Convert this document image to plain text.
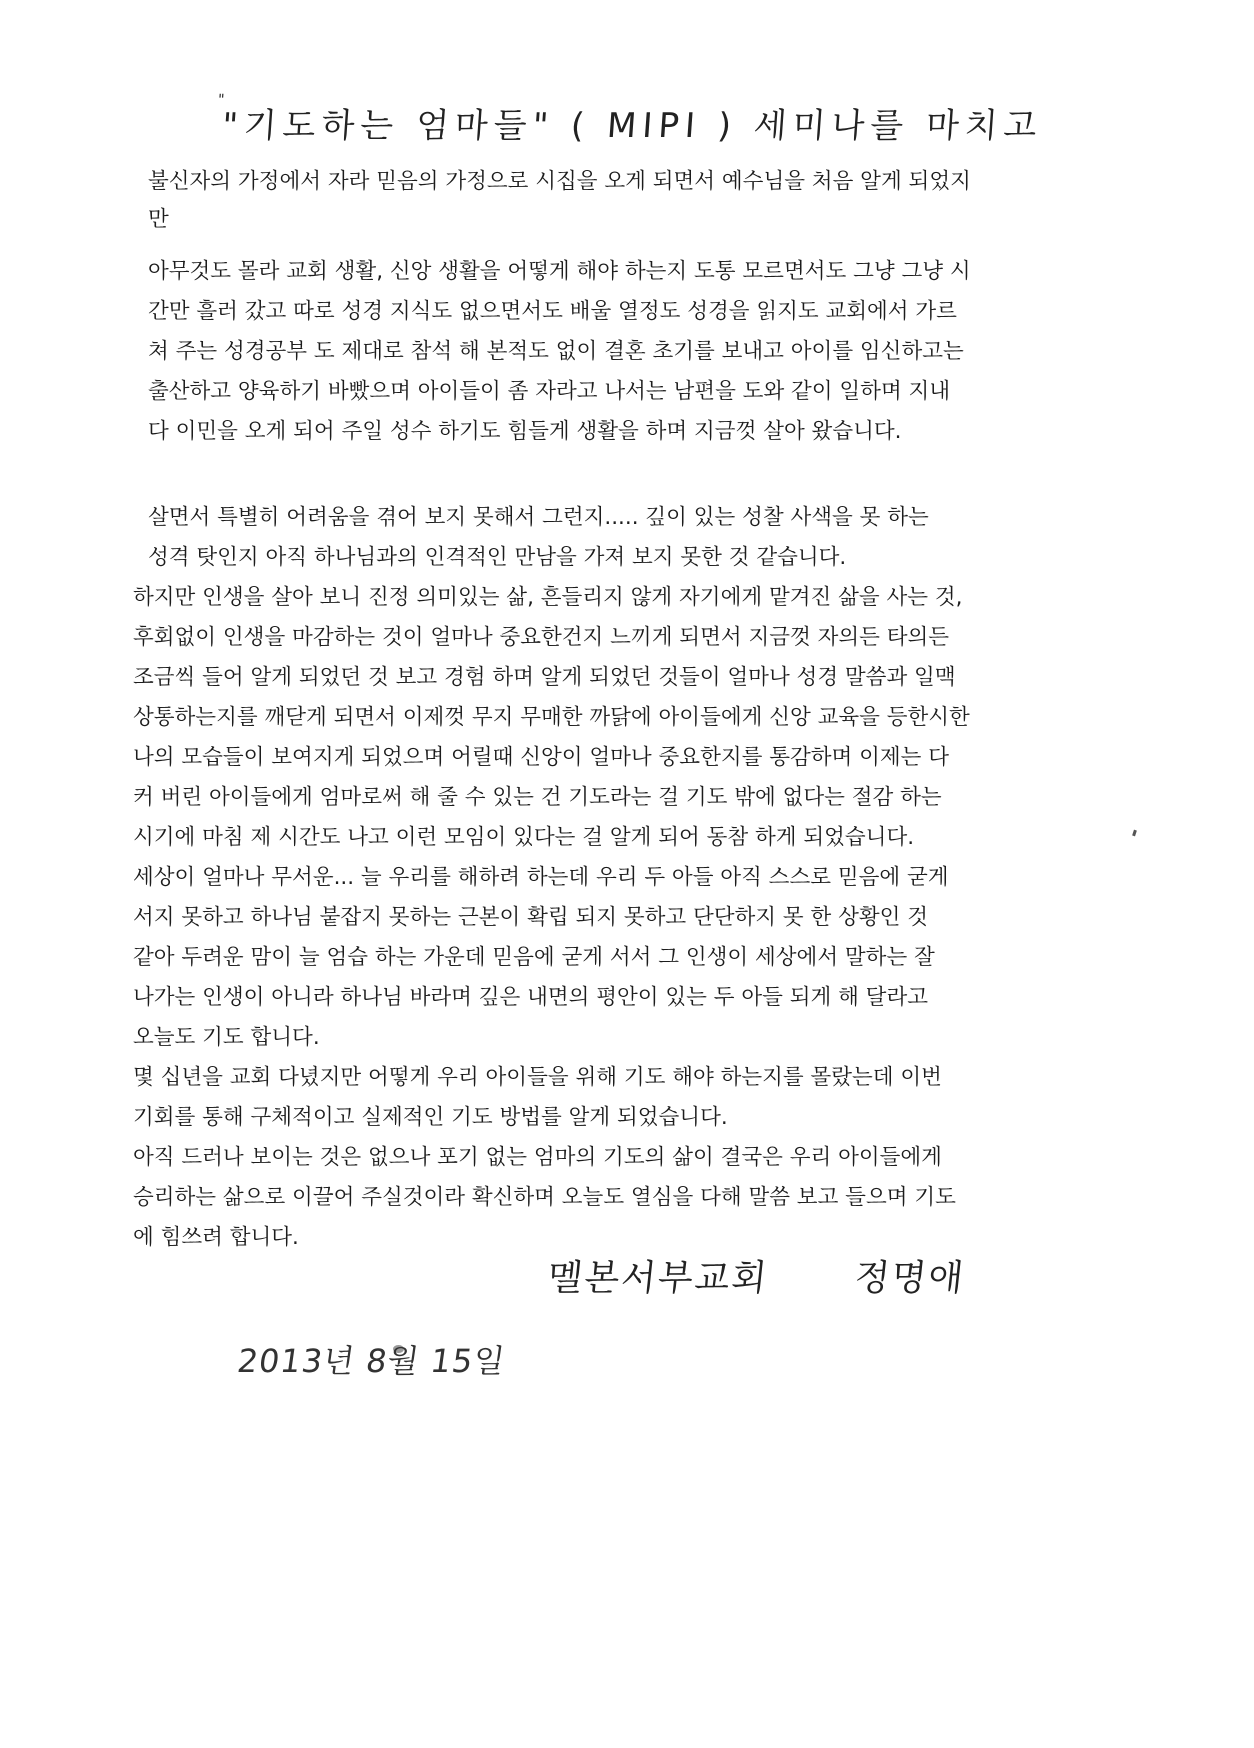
"
"기도하는 엄마들" ( MIPI ) 세미나를 마치고
불신자의 가정에서 자라 믿음의 가정으로 시집을 오게 되면서 예수님을 처음 알게 되었지
만
아무것도 몰라 교회 생활, 신앙 생활을 어떻게 해야 하는지 도통 모르면서도 그냥 그냥 시
간만 흘러 갔고 따로 성경 지식도 없으면서도 배울 열정도 성경을 읽지도 교회에서 가르
쳐 주는 성경공부 도 제대로 참석 해 본적도 없이 결혼 초기를 보내고 아이를 임신하고는
출산하고 양육하기 바빴으며 아이들이 좀 자라고 나서는 남편을 도와 같이 일하며 지내
다 이민을 오게 되어 주일 성수 하기도 힘들게 생활을 하며 지금껏 살아 왔습니다.
살면서 특별히 어려움을 겪어 보지 못해서 그런지..... 깊이 있는 성찰 사색을 못 하는
성격 탓인지 아직 하나님과의 인격적인 만남을 가져 보지 못한 것 같습니다.
하지만 인생을 살아 보니 진정 의미있는 삶, 흔들리지 않게 자기에게 맡겨진 삶을 사는 것,
후회없이 인생을 마감하는 것이 얼마나 중요한건지 느끼게 되면서 지금껏 자의든 타의든
조금씩 들어 알게 되었던 것 보고 경험 하며 알게 되었던 것들이 얼마나 성경 말씀과 일맥
상통하는지를 깨닫게 되면서 이제껏 무지 무매한 까닭에 아이들에게 신앙 교육을 등한시한
나의 모습들이 보여지게 되었으며 어릴때 신앙이 얼마나 중요한지를 통감하며 이제는 다
커 버린 아이들에게 엄마로써 해 줄 수 있는 건 기도라는 걸 기도 밖에 없다는 절감 하는
시기에 마침 제 시간도 나고 이런 모임이 있다는 걸 알게 되어 동참 하게 되었습니다.
세상이 얼마나 무서운... 늘 우리를 해하려 하는데 우리 두 아들 아직 스스로 믿음에 굳게
서지 못하고 하나님 붙잡지 못하는 근본이 확립 되지 못하고 단단하지 못 한 상황인 것
같아 두려운 맘이 늘 엄습 하는 가운데 믿음에 굳게 서서 그 인생이 세상에서 말하는 잘
나가는 인생이 아니라 하나님 바라며 깊은 내면의 평안이 있는 두 아들 되게 해 달라고
오늘도 기도 합니다.
몇 십년을 교회 다녔지만 어떻게 우리 아이들을 위해 기도 해야 하는지를 몰랐는데 이번
기회를 통해 구체적이고 실제적인 기도 방법를 알게 되었습니다.
아직 드러나 보이는 것은 없으나 포기 없는 엄마의 기도의 삶이 결국은 우리 아이들에게
승리하는 삶으로 이끌어 주실것이라 확신하며 오늘도 열심을 다해 말씀 보고 들으며 기도
에 힘쓰려 합니다.
멜본서부교회 정명애
2013년 8월 15일
